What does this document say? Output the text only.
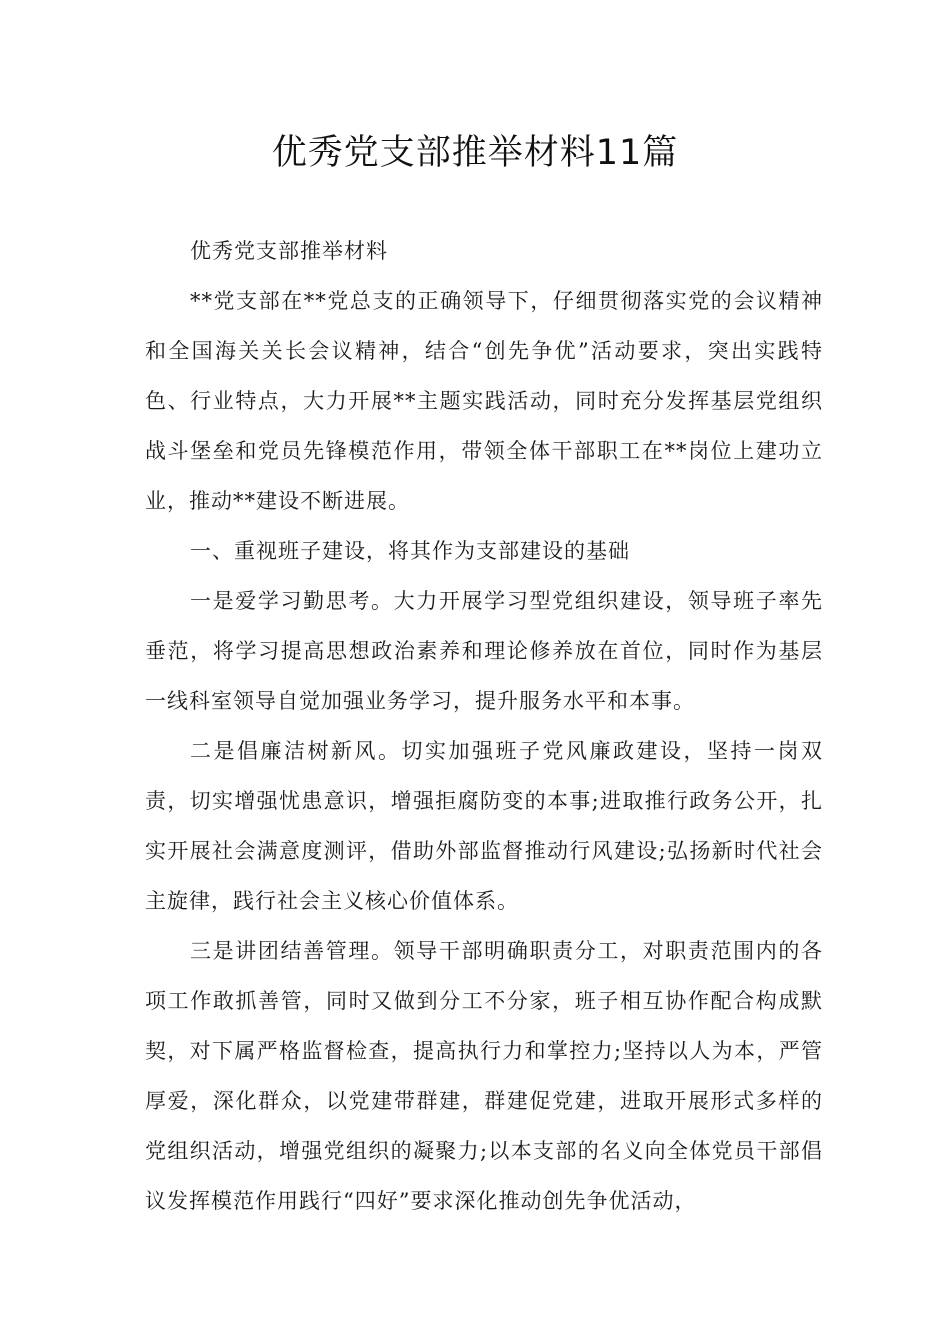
优秀党支部推举材料11篇

优秀党支部推举材料

**党支部在**党总支的正确领导下，仔细贯彻落实党的会议精神和全国海关关长会议精神，结合“创先争优”活动要求，突出实践特色、行业特点，大力开展**主题实践活动，同时充分发挥基层党组织战斗堡垒和党员先锋模范作用，带领全体干部职工在**岗位上建功立业，推动**建设不断进展。

一、重视班子建设，将其作为支部建设的基础

一是爱学习勤思考。大力开展学习型党组织建设，领导班子率先垂范，将学习提高思想政治素养和理论修养放在首位，同时作为基层一线科室领导自觉加强业务学习，提升服务水平和本事。

二是倡廉洁树新风。切实加强班子党风廉政建设，坚持一岗双责，切实增强忧患意识，增强拒腐防变的本事;进取推行政务公开，扎实开展社会满意度测评，借助外部监督推动行风建设;弘扬新时代社会主旋律，践行社会主义核心价值体系。

三是讲团结善管理。领导干部明确职责分工，对职责范围内的各项工作敢抓善管，同时又做到分工不分家，班子相互协作配合构成默契，对下属严格监督检查，提高执行力和掌控力;坚持以人为本，严管厚爱，深化群众，以党建带群建，群建促党建，进取开展形式多样的党组织活动，增强党组织的凝聚力;以本支部的名义向全体党员干部倡议发挥模范作用践行“四好”要求深化推动创先争优活动，
